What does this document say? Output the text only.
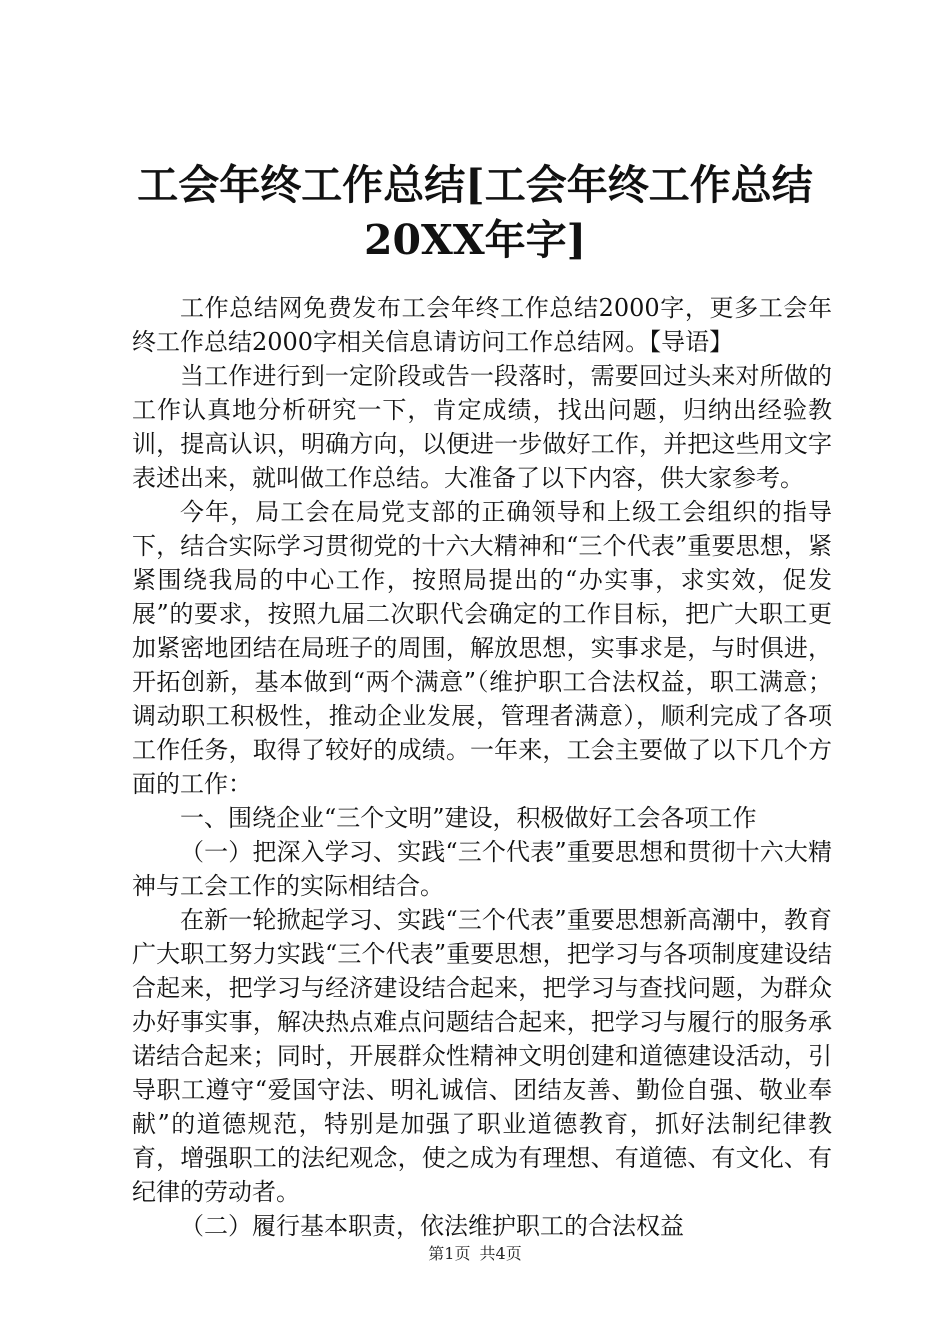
工会年终工作总结[工会年终工作总结20XX年字]

工作总结网免费发布工会年终工作总结2000字，更多工会年终工作总结2000字相关信息请访问工作总结网。【导语】

当工作进行到一定阶段或告一段落时，需要回过头来对所做的工作认真地分析研究一下，肯定成绩，找出问题，归纳出经验教训，提高认识，明确方向，以便进一步做好工作，并把这些用文字表述出来，就叫做工作总结。大准备了以下内容，供大家参考。

今年，局工会在局党支部的正确领导和上级工会组织的指导下，结合实际学习贯彻党的十六大精神和“三个代表”重要思想，紧紧围绕我局的中心工作，按照局提出的“办实事，求实效，促发展”的要求，按照九届二次职代会确定的工作目标，把广大职工更加紧密地团结在局班子的周围，解放思想，实事求是，与时俱进，开拓创新，基本做到“两个满意”（维护职工合法权益，职工满意；调动职工积极性，推动企业发展，管理者满意），顺利完成了各项工作任务，取得了较好的成绩。一年来，工会主要做了以下几个方面的工作：

一、围绕企业“三个文明”建设，积极做好工会各项工作

（一）把深入学习、实践“三个代表”重要思想和贯彻十六大精神与工会工作的实际相结合。

在新一轮掀起学习、实践“三个代表”重要思想新高潮中，教育广大职工努力实践“三个代表”重要思想，把学习与各项制度建设结合起来，把学习与经济建设结合起来，把学习与查找问题，为群众办好事实事，解决热点难点问题结合起来，把学习与履行的服务承诺结合起来；同时，开展群众性精神文明创建和道德建设活动，引导职工遵守“爱国守法、明礼诚信、团结友善、勤俭自强、敬业奉献”的道德规范，特别是加强了职业道德教育，抓好法制纪律教育，增强职工的法纪观念，使之成为有理想、有道德、有文化、有纪律的劳动者。

（二）履行基本职责，依法维护职工的合法权益

第1页 共4页
